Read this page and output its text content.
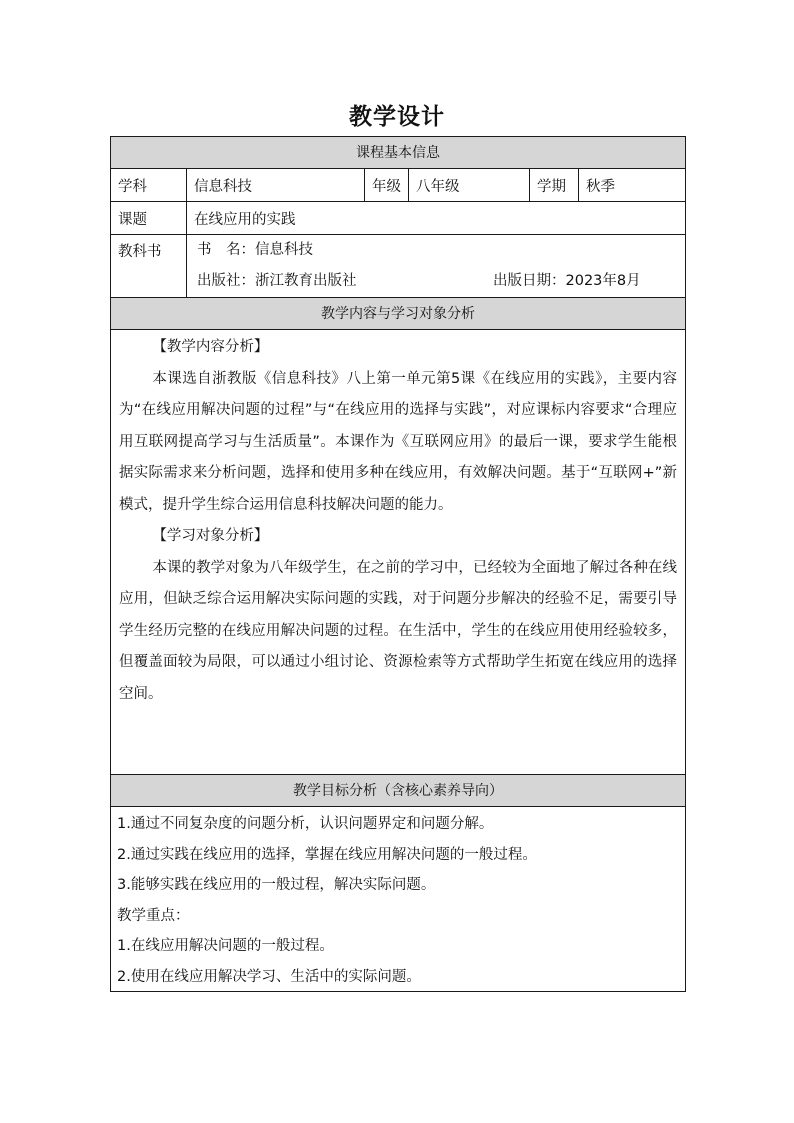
教学设计
课程基本信息
学科	信息科技	年级	八年级	学期	秋季
课题	在线应用的实践
教科书	书　名：信息科技
出版社：浙江教育出版社	出版日期：2023年8月
教学内容与学习对象分析
【教学内容分析】
本课选自浙教版《信息科技》八上第一单元第5课《在线应用的实践》，主要内容为“在线应用解决问题的过程”与“在线应用的选择与实践”，对应课标内容要求“合理应用互联网提高学习与生活质量”。本课作为《互联网应用》的最后一课，要求学生能根据实际需求来分析问题，选择和使用多种在线应用，有效解决问题。基于“互联网+”新模式，提升学生综合运用信息科技解决问题的能力。
【学习对象分析】
本课的教学对象为八年级学生，在之前的学习中，已经较为全面地了解过各种在线应用，但缺乏综合运用解决实际问题的实践，对于问题分步解决的经验不足，需要引导学生经历完整的在线应用解决问题的过程。在生活中，学生的在线应用使用经验较多，但覆盖面较为局限，可以通过小组讨论、资源检索等方式帮助学生拓宽在线应用的选择空间。
教学目标分析（含核心素养导向）
1.通过不同复杂度的问题分析，认识问题界定和问题分解。
2.通过实践在线应用的选择，掌握在线应用解决问题的一般过程。
3.能够实践在线应用的一般过程，解决实际问题。
教学重点：
1.在线应用解决问题的一般过程。
2.使用在线应用解决学习、生活中的实际问题。
